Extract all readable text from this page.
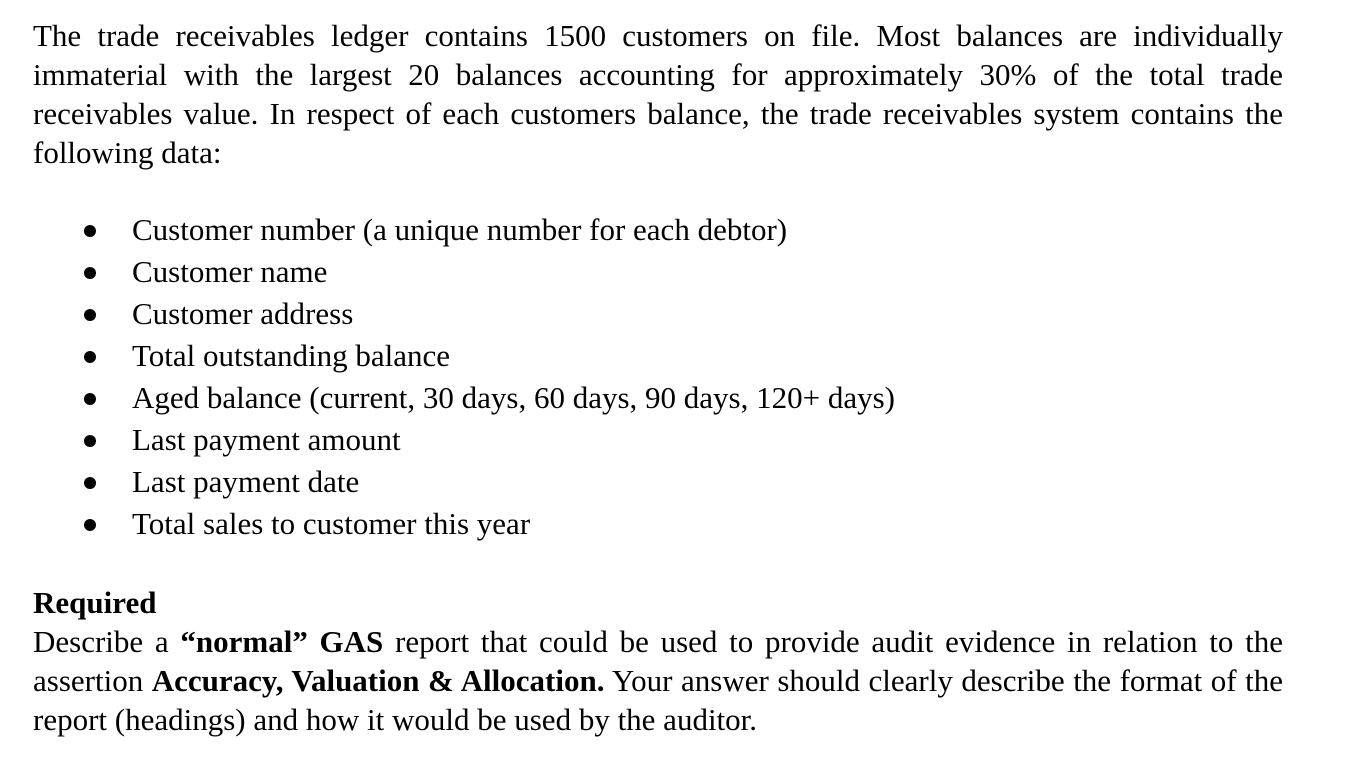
The trade receivables ledger contains 1500 customers on file. Most balances are individually immaterial with the largest 20 balances accounting for approximately 30% of the total trade receivables value. In respect of each customers balance, the trade receivables system contains the following data:

Customer number (a unique number for each debtor)
Customer name
Customer address
Total outstanding balance
Aged balance (current, 30 days, 60 days, 90 days, 120+ days)
Last payment amount
Last payment date
Total sales to customer this year

Required

Describe a “normal” GAS report that could be used to provide audit evidence in relation to the assertion Accuracy, Valuation & Allocation. Your answer should clearly describe the format of the report (headings) and how it would be used by the auditor.
